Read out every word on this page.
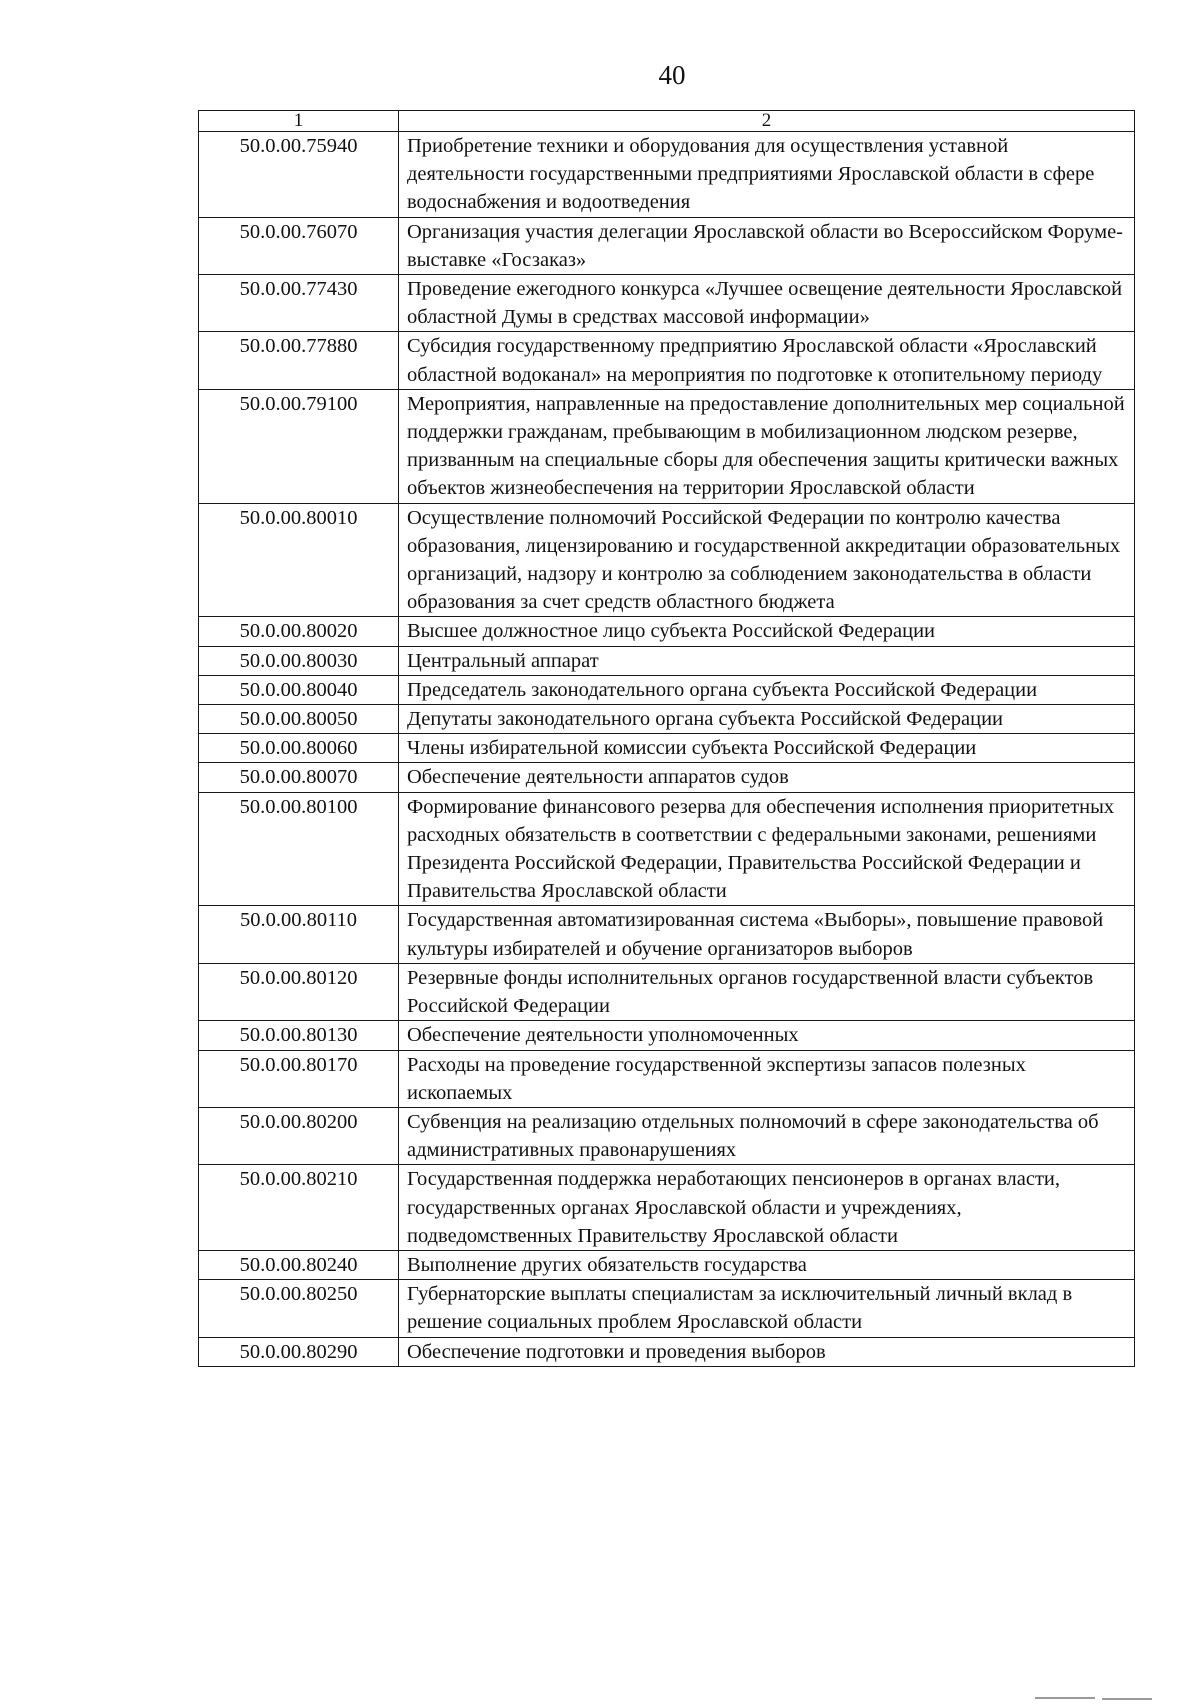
40
1	2
50.0.00.75940	Приобретение техники и оборудования для осуществления уставной деятельности государственными предприятиями Ярославской области в сфере водоснабжения и водоотведения
50.0.00.76070	Организация участия делегации Ярославской области во Всероссийском Форуме-выставке «Госзаказ»
50.0.00.77430	Проведение ежегодного конкурса «Лучшее освещение деятельности Ярославской областной Думы в средствах массовой информации»
50.0.00.77880	Субсидия государственному предприятию Ярославской области «Ярославский областной водоканал» на мероприятия по подготовке к отопительному периоду
50.0.00.79100	Мероприятия, направленные на предоставление дополнительных мер социальной поддержки гражданам, пребывающим в мобилизационном людском резерве, призванным на специальные сборы для обеспечения защиты критически важных объектов жизнеобеспечения на территории Ярославской области
50.0.00.80010	Осуществление полномочий Российской Федерации по контролю качества образования, лицензированию и государственной аккредитации образовательных организаций, надзору и контролю за соблюдением законодательства в области образования за счет средств областного бюджета
50.0.00.80020	Высшее должностное лицо субъекта Российской Федерации
50.0.00.80030	Центральный аппарат
50.0.00.80040	Председатель законодательного органа субъекта Российской Федерации
50.0.00.80050	Депутаты законодательного органа субъекта Российской Федерации
50.0.00.80060	Члены избирательной комиссии субъекта Российской Федерации
50.0.00.80070	Обеспечение деятельности аппаратов судов
50.0.00.80100	Формирование финансового резерва для обеспечения исполнения приоритетных расходных обязательств в соответствии с федеральными законами, решениями Президента Российской Федерации, Правительства Российской Федерации и Правительства Ярославской области
50.0.00.80110	Государственная автоматизированная система «Выборы», повышение правовой культуры избирателей и обучение организаторов выборов
50.0.00.80120	Резервные фонды исполнительных органов государственной власти субъектов Российской Федерации
50.0.00.80130	Обеспечение деятельности уполномоченных
50.0.00.80170	Расходы на проведение государственной экспертизы запасов полезных ископаемых
50.0.00.80200	Субвенция на реализацию отдельных полномочий в сфере законодательства об административных правонарушениях
50.0.00.80210	Государственная поддержка неработающих пенсионеров в органах власти, государственных органах Ярославской области и учреждениях, подведомственных Правительству Ярославской области
50.0.00.80240	Выполнение других обязательств государства
50.0.00.80250	Губернаторские выплаты специалистам за исключительный личный вклад в решение социальных проблем Ярославской области
50.0.00.80290	Обеспечение подготовки и проведения выборов
